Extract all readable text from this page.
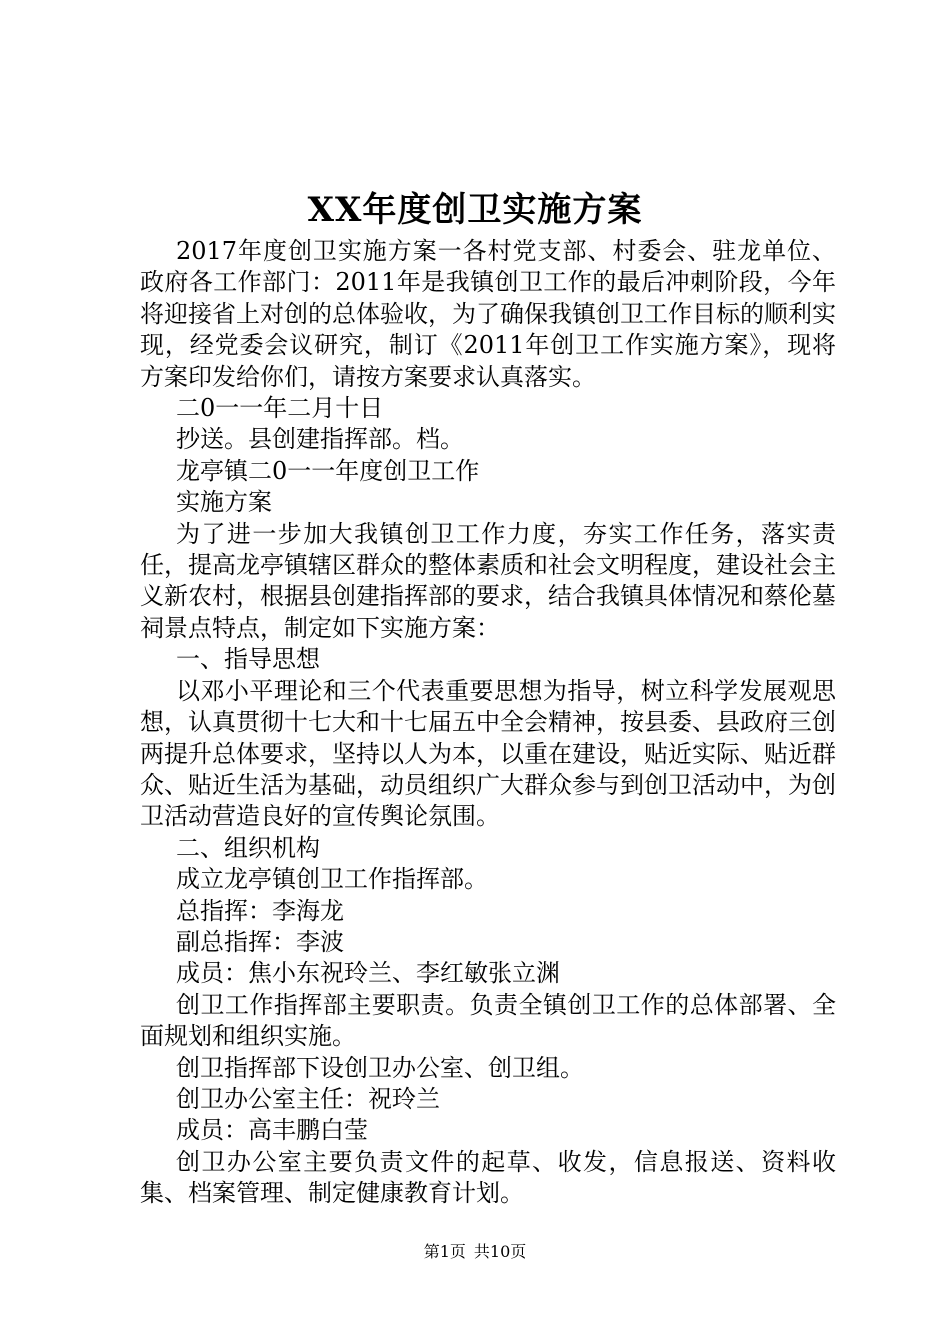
XX年度创卫实施方案

2017年度创卫实施方案一各村党支部、村委会、驻龙单位、政府各工作部门：2011年是我镇创卫工作的最后冲刺阶段，今年将迎接省上对创的总体验收，为了确保我镇创卫工作目标的顺利实现，经党委会议研究，制订《2011年创卫工作实施方案》，现将方案印发给你们，请按方案要求认真落实。

二0一一年二月十日

抄送。县创建指挥部。档。

龙亭镇二0一一年度创卫工作

实施方案

为了进一步加大我镇创卫工作力度，夯实工作任务，落实责任，提高龙亭镇辖区群众的整体素质和社会文明程度，建设社会主义新农村，根据县创建指挥部的要求，结合我镇具体情况和蔡伦墓祠景点特点，制定如下实施方案：

一、指导思想

以邓小平理论和三个代表重要思想为指导，树立科学发展观思想，认真贯彻十七大和十七届五中全会精神，按县委、县政府三创两提升总体要求，坚持以人为本，以重在建设，贴近实际、贴近群众、贴近生活为基础，动员组织广大群众参与到创卫活动中，为创卫活动营造良好的宣传舆论氛围。

二、组织机构

成立龙亭镇创卫工作指挥部。

总指挥：李海龙

副总指挥：李波

成员：焦小东祝玲兰、李红敏张立渊

创卫工作指挥部主要职责。负责全镇创卫工作的总体部署、全面规划和组织实施。

创卫指挥部下设创卫办公室、创卫组。

创卫办公室主任：祝玲兰

成员：高丰鹏白莹

创卫办公室主要负责文件的起草、收发，信息报送、资料收集、档案管理、制定健康教育计划。

第1页 共10页
